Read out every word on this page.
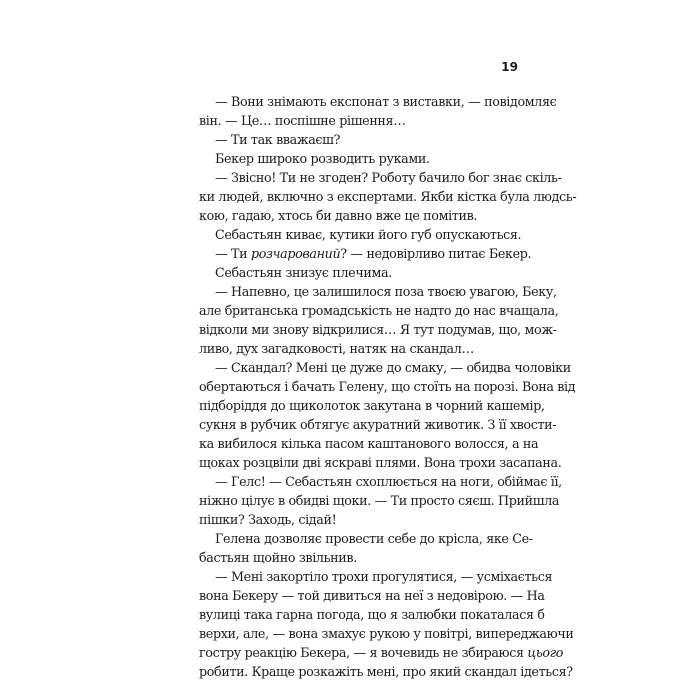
19
— Вони знімають експонат з виставки, — повідомляє
він. — Це… поспішне рішення…
— Ти так вважаєш?
Бекер широко розводить руками.
— Звісно! Ти не згоден? Роботу бачило бог знає скіль-
ки людей, включно з експертами. Якби кістка була людсь-
кою, гадаю, хтось би давно вже це помітив.
Себастьян киває, кутики його губ опускаються.
— Ти розчарований? — недовірливо питає Бекер.
Себастьян знизує плечима.
— Напевно, це залишилося поза твоєю увагою, Беку,
але британська громадськість не надто до нас вчащала,
відколи ми знову відкрилися… Я тут подумав, що, мож-
ливо, дух загадковості, натяк на скандал…
— Скандал? Мені це дуже до смаку, — обидва чоловіки
обертаються і бачать Гелену, що стоїть на порозі. Вона від
підборіддя до щиколоток закутана в чорний кашемір,
сукня в рубчик обтягує акуратний животик. З її хвости-
ка вибилося кілька пасом каштанового волосся, а на
щоках розцвіли дві яскраві плями. Вона трохи засапана.
— Гелс! — Себастьян схоплюється на ноги, обіймає її,
ніжно цілує в обидві щоки. — Ти просто сяєш. Прийшла
пішки? Заходь, сідай!
Гелена дозволяє провести себе до крісла, яке Се-
бастьян щойно звільнив.
— Мені закортіло трохи прогулятися, — усміхається
вона Бекеру — той дивиться на неї з недовірою. — На
вулиці така гарна погода, що я залюбки покаталася б
верхи, але, — вона змахує рукою у повітрі, випереджаючи
гостру реакцію Бекера, — я вочевидь не збираюся цього
робити. Краще розкажіть мені, про який скандал ідеться?
